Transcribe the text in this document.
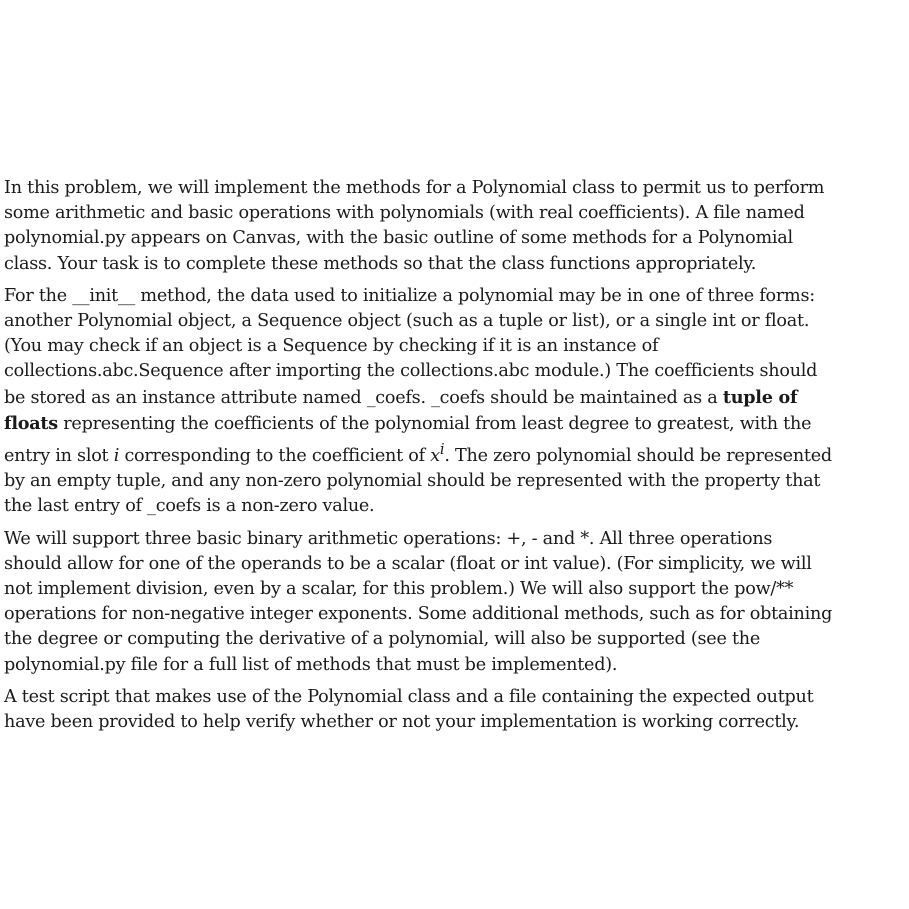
In this problem, we will implement the methods for a Polynomial class to permit us to perform
some arithmetic and basic operations with polynomials (with real coefficients). A file named
polynomial.py appears on Canvas, with the basic outline of some methods for a Polynomial
class. Your task is to complete these methods so that the class functions appropriately.
For the __init__ method, the data used to initialize a polynomial may be in one of three forms:
another Polynomial object, a Sequence object (such as a tuple or list), or a single int or float.
(You may check if an object is a Sequence by checking if it is an instance of
collections.abc.Sequence after importing the collections.abc module.) The coefficients should
be stored as an instance attribute named _coefs. _coefs should be maintained as a tuple of
floats representing the coefficients of the polynomial from least degree to greatest, with the
entry in slot i corresponding to the coefficient of $x^i$. The zero polynomial should be represented
by an empty tuple, and any non-zero polynomial should be represented with the property that
the last entry of _coefs is a non-zero value.
We will support three basic binary arithmetic operations: +, - and *. All three operations
should allow for one of the operands to be a scalar (float or int value). (For simplicity, we will
not implement division, even by a scalar, for this problem.) We will also support the pow/**
operations for non-negative integer exponents. Some additional methods, such as for obtaining
the degree or computing the derivative of a polynomial, will also be supported (see the
polynomial.py file for a full list of methods that must be implemented).
A test script that makes use of the Polynomial class and a file containing the expected output
have been provided to help verify whether or not your implementation is working correctly.
